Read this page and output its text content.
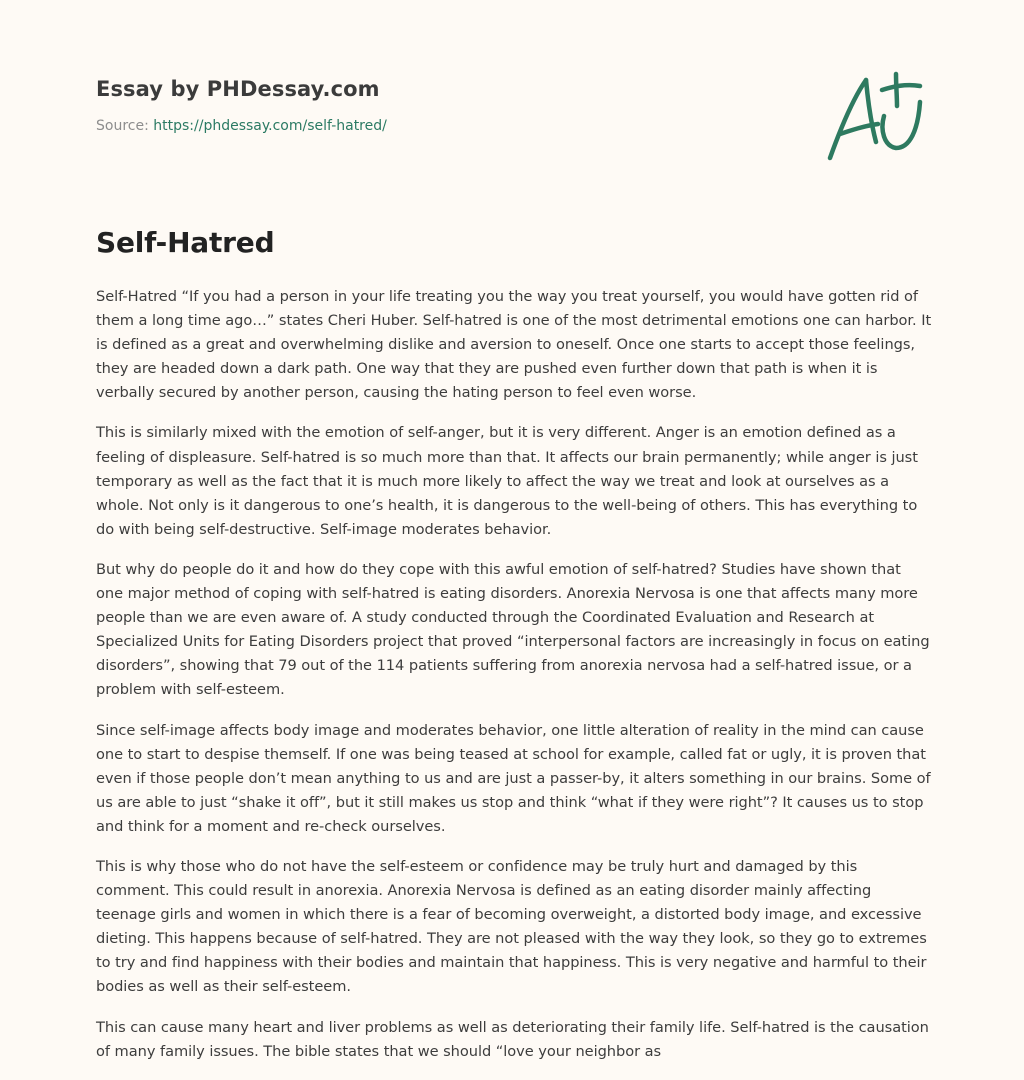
Essay by PHDessay.com
Source: https://phdessay.com/self-hatred/
Self-Hatred

Self-Hatred “If you had a person in your life treating you the way you treat yourself, you would have gotten rid of them a long time ago…” states Cheri Huber. Self-hatred is one of the most detrimental emotions one can harbor. It is defined as a great and overwhelming dislike and aversion to oneself. Once one starts to accept those feelings, they are headed down a dark path. One way that they are pushed even further down that path is when it is verbally secured by another person, causing the hating person to feel even worse.

This is similarly mixed with the emotion of self-anger, but it is very different. Anger is an emotion defined as a feeling of displeasure. Self-hatred is so much more than that. It affects our brain permanently; while anger is just temporary as well as the fact that it is much more likely to affect the way we treat and look at ourselves as a whole. Not only is it dangerous to one’s health, it is dangerous to the well-being of others. This has everything to do with being self-destructive. Self-image moderates behavior.

But why do people do it and how do they cope with this awful emotion of self-hatred? Studies have shown that one major method of coping with self-hatred is eating disorders. Anorexia Nervosa is one that affects many more people than we are even aware of. A study conducted through the Coordinated Evaluation and Research at Specialized Units for Eating Disorders project that proved “interpersonal factors are increasingly in focus on eating disorders”, showing that 79 out of the 114 patients suffering from anorexia nervosa had a self-hatred issue, or a problem with self-esteem.

Since self-image affects body image and moderates behavior, one little alteration of reality in the mind can cause one to start to despise themself. If one was being teased at school for example, called fat or ugly, it is proven that even if those people don’t mean anything to us and are just a passer-by, it alters something in our brains. Some of us are able to just “shake it off”, but it still makes us stop and think “what if they were right”? It causes us to stop and think for a moment and re-check ourselves.

This is why those who do not have the self-esteem or confidence may be truly hurt and damaged by this comment. This could result in anorexia. Anorexia Nervosa is defined as an eating disorder mainly affecting teenage girls and women in which there is a fear of becoming overweight, a distorted body image, and excessive dieting. This happens because of self-hatred. They are not pleased with the way they look, so they go to extremes to try and find happiness with their bodies and maintain that happiness. This is very negative and harmful to their bodies as well as their self-esteem.

This can cause many heart and liver problems as well as deteriorating their family life. Self-hatred is the causation of many family issues. The bible states that we should “love your neighbor as
